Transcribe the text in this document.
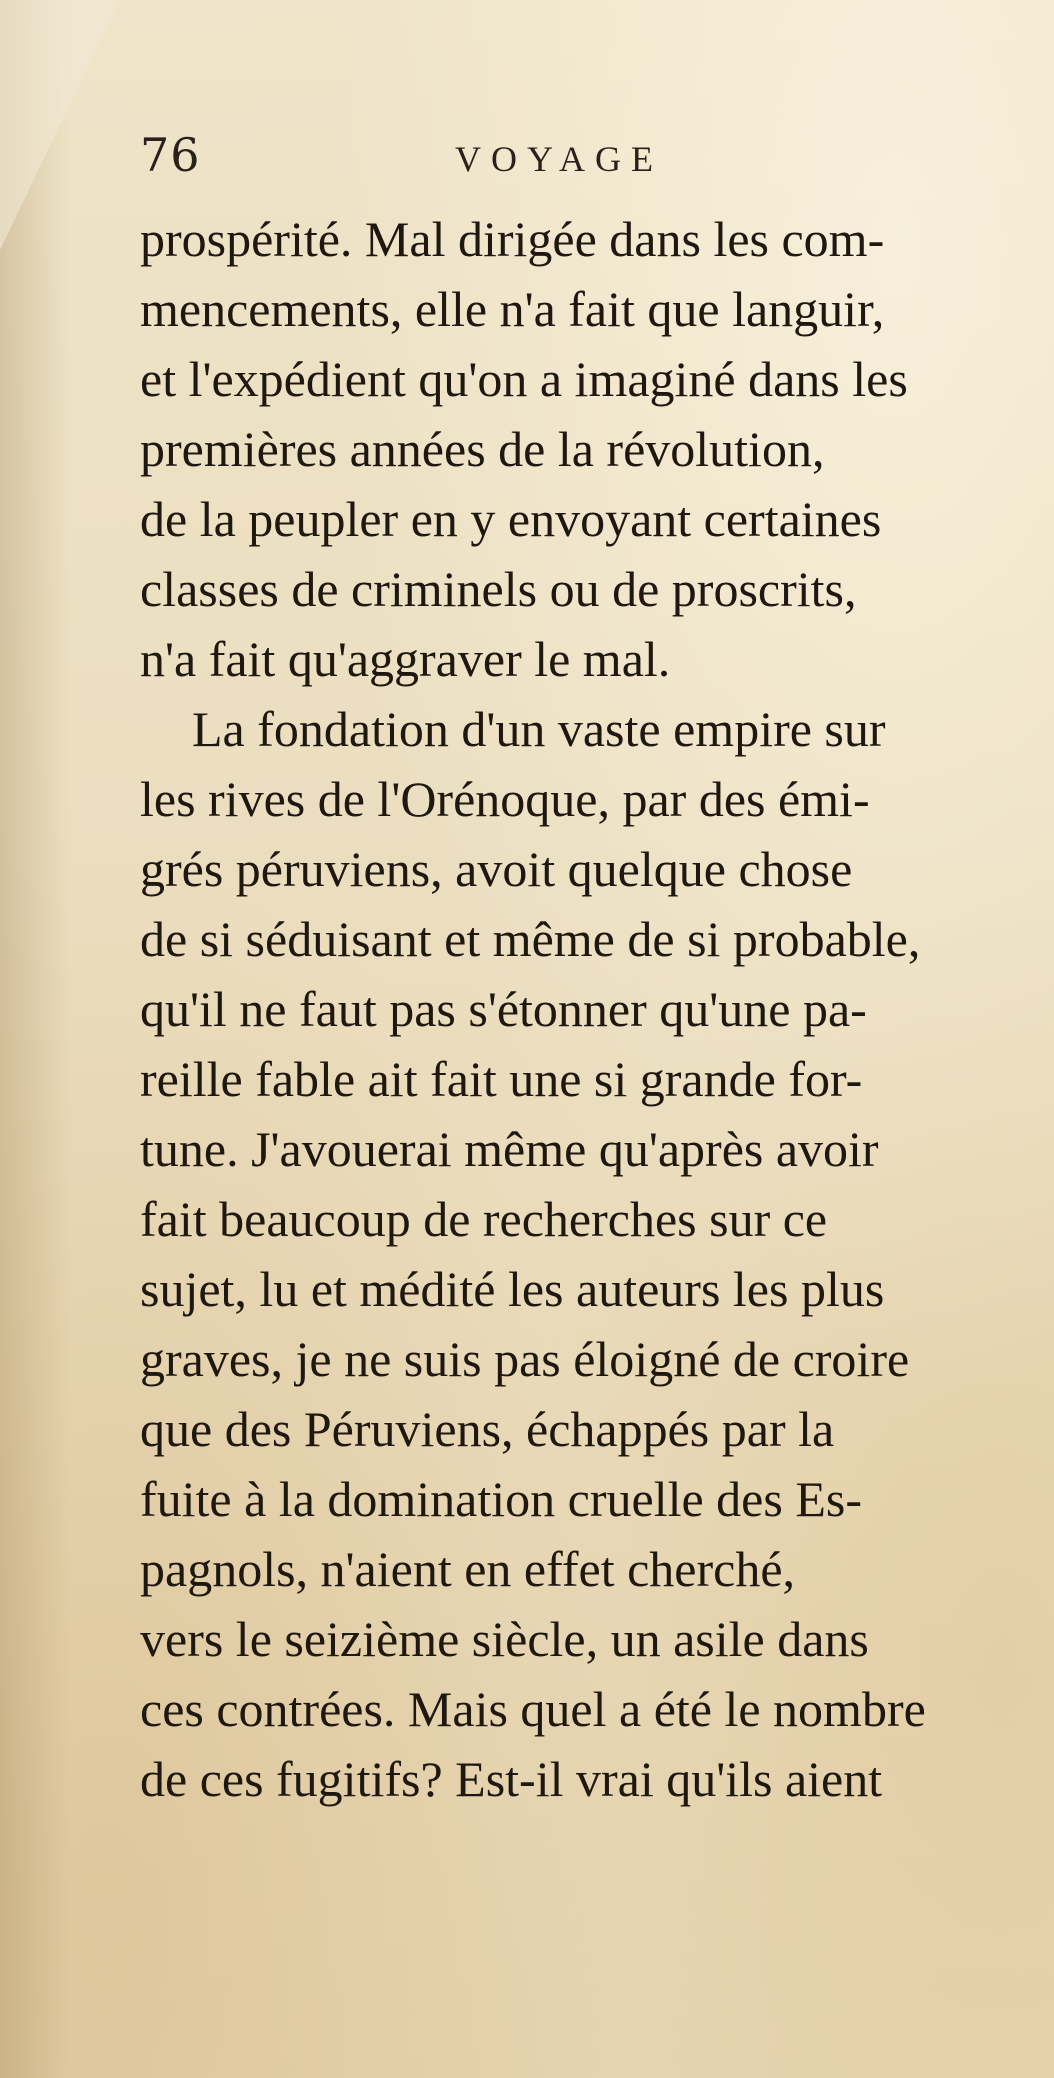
76	VOYAGE
prospérité. Mal dirigée dans les com-
mencements, elle n'a fait que languir,
et l'expédient qu'on a imaginé dans les
premières années de la révolution,
de la peupler en y envoyant certaines
classes de criminels ou de proscrits,
n'a fait qu'aggraver le mal.
La fondation d'un vaste empire sur
les rives de l'Orénoque, par des émi-
grés péruviens, avoit quelque chose
de si séduisant et même de si probable,
qu'il ne faut pas s'étonner qu'une pa-
reille fable ait fait une si grande for-
tune. J'avouerai même qu'après avoir
fait beaucoup de recherches sur ce
sujet, lu et médité les auteurs les plus
graves, je ne suis pas éloigné de croire
que des Péruviens, échappés par la
fuite à la domination cruelle des Es-
pagnols, n'aient en effet cherché,
vers le seizième siècle, un asile dans
ces contrées. Mais quel a été le nombre
de ces fugitifs? Est-il vrai qu'ils aient
